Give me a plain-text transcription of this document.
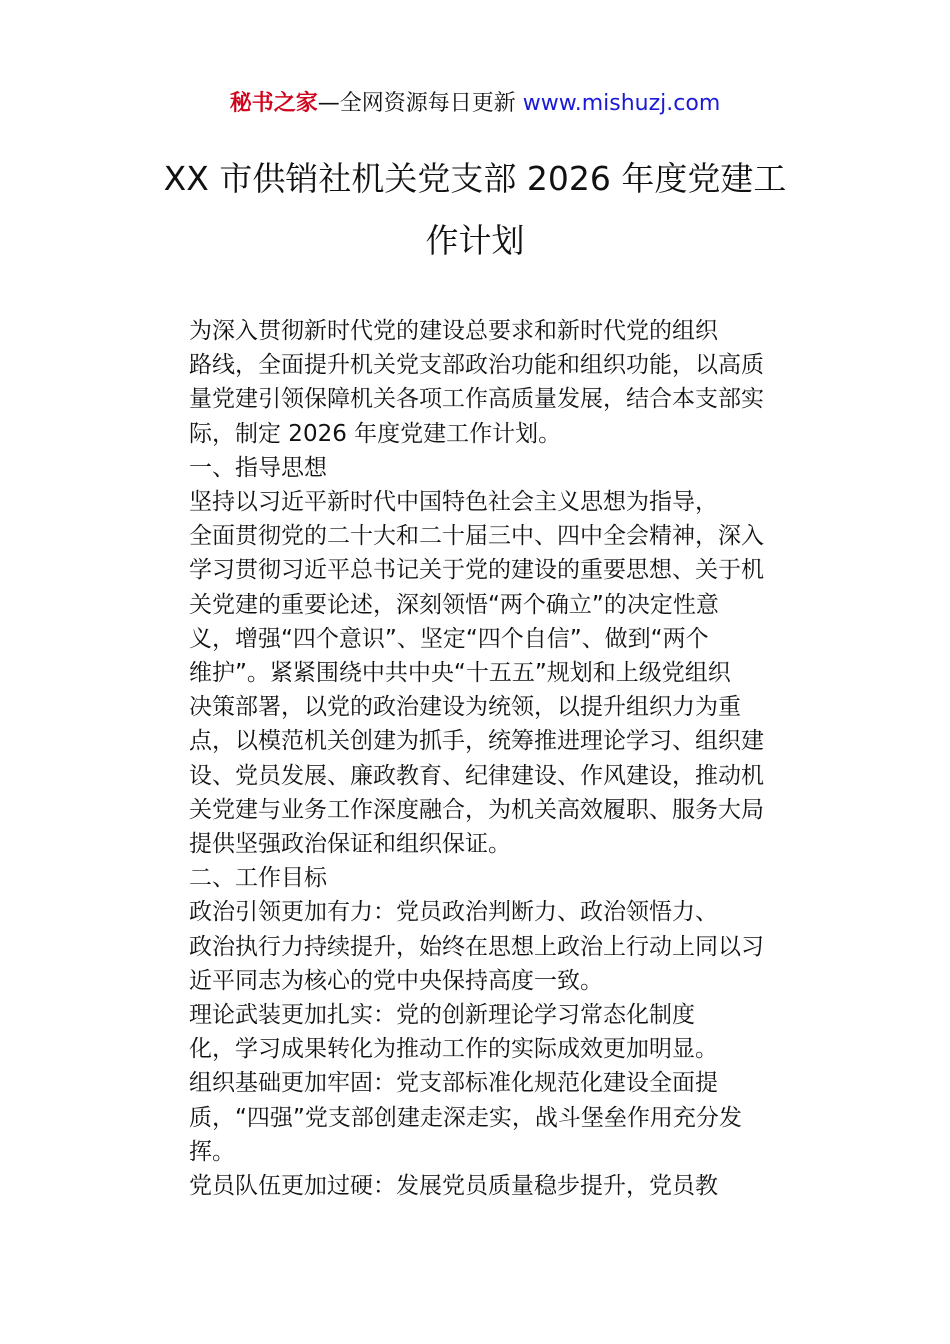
秘书之家—全网资源每日更新 www.mishuzj.com
XX 市供销社机关党支部 2026 年度党建工
作计划

为深入贯彻新时代党的建设总要求和新时代党的组织
路线，全面提升机关党支部政治功能和组织功能，以高质
量党建引领保障机关各项工作高质量发展，结合本支部实
际，制定 2026 年度党建工作计划。

一、指导思想

坚持以习近平新时代中国特色社会主义思想为指导，
全面贯彻党的二十大和二十届三中、四中全会精神，深入
学习贯彻习近平总书记关于党的建设的重要思想、关于机
关党建的重要论述，深刻领悟“两个确立”的决定性意
义，增强“四个意识”、坚定“四个自信”、做到“两个
维护”。紧紧围绕中共中央“十五五”规划和上级党组织
决策部署，以党的政治建设为统领，以提升组织力为重
点，以模范机关创建为抓手，统筹推进理论学习、组织建
设、党员发展、廉政教育、纪律建设、作风建设，推动机
关党建与业务工作深度融合，为机关高效履职、服务大局
提供坚强政治保证和组织保证。

二、工作目标

政治引领更加有力：党员政治判断力、政治领悟力、
政治执行力持续提升，始终在思想上政治上行动上同以习
近平同志为核心的党中央保持高度一致。

理论武装更加扎实：党的创新理论学习常态化制度
化，学习成果转化为推动工作的实际成效更加明显。

组织基础更加牢固：党支部标准化规范化建设全面提
质，“四强”党支部创建走深走实，战斗堡垒作用充分发
挥。

党员队伍更加过硬：发展党员质量稳步提升，党员教
